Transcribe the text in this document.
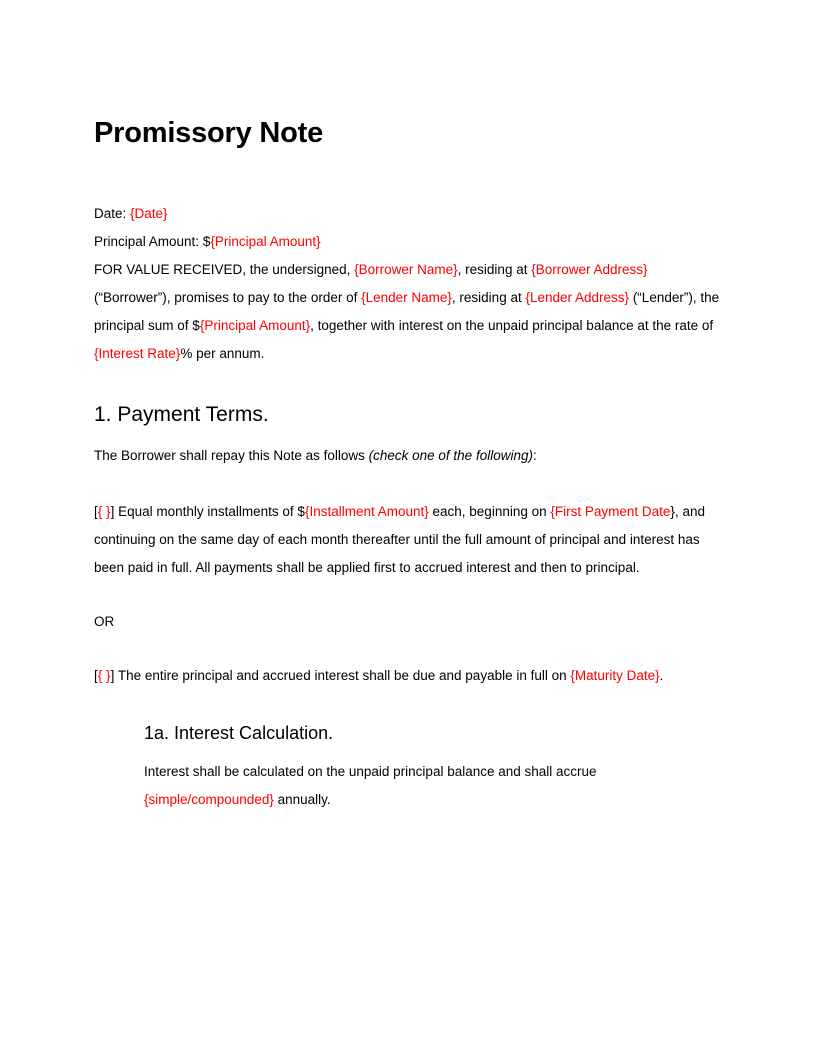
Promissory Note

Date: {Date}

Principal Amount: ${Principal Amount}

FOR VALUE RECEIVED, the undersigned, {Borrower Name}, residing at {Borrower Address} (“Borrower”), promises to pay to the order of {Lender Name}, residing at {Lender Address} (“Lender”), the principal sum of ${Principal Amount}, together with interest on the unpaid principal balance at the rate of {Interest Rate}% per annum.

1. Payment Terms.

The Borrower shall repay this Note as follows (check one of the following):

[{ }] Equal monthly installments of ${Installment Amount} each, beginning on {First Payment Date}, and continuing on the same day of each month thereafter until the full amount of principal and interest has been paid in full. All payments shall be applied first to accrued interest and then to principal.

OR

[{ }] The entire principal and accrued interest shall be due and payable in full on {Maturity Date}.

1a. Interest Calculation.

Interest shall be calculated on the unpaid principal balance and shall accrue {simple/compounded} annually.
